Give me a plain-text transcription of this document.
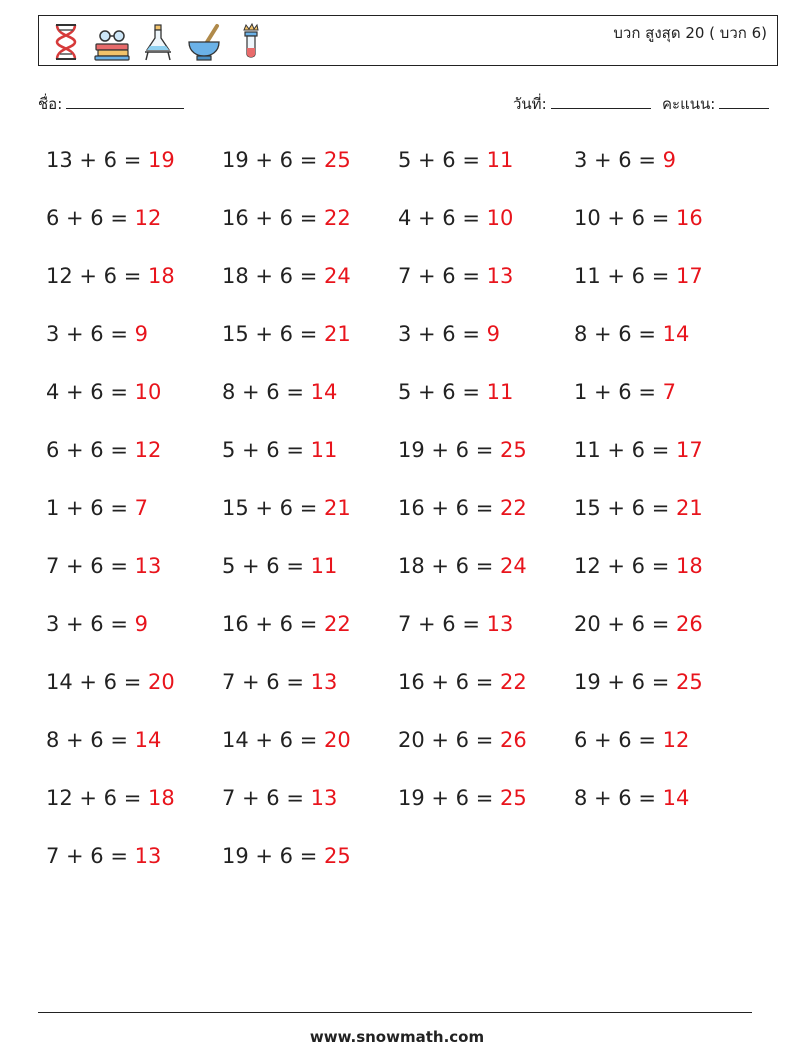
บวก สูงสุด 20 ( บวก 6)
ชื่อ:	วันที่:	คะแนน:
13 + 6 = 19	19 + 6 = 25	5 + 6 = 11	3 + 6 = 9
6 + 6 = 12	16 + 6 = 22	4 + 6 = 10	10 + 6 = 16
12 + 6 = 18	18 + 6 = 24	7 + 6 = 13	11 + 6 = 17
3 + 6 = 9	15 + 6 = 21	3 + 6 = 9	8 + 6 = 14
4 + 6 = 10	8 + 6 = 14	5 + 6 = 11	1 + 6 = 7
6 + 6 = 12	5 + 6 = 11	19 + 6 = 25	11 + 6 = 17
1 + 6 = 7	15 + 6 = 21	16 + 6 = 22	15 + 6 = 21
7 + 6 = 13	5 + 6 = 11	18 + 6 = 24	12 + 6 = 18
3 + 6 = 9	16 + 6 = 22	7 + 6 = 13	20 + 6 = 26
14 + 6 = 20	7 + 6 = 13	16 + 6 = 22	19 + 6 = 25
8 + 6 = 14	14 + 6 = 20	20 + 6 = 26	6 + 6 = 12
12 + 6 = 18	7 + 6 = 13	19 + 6 = 25	8 + 6 = 14
7 + 6 = 13	19 + 6 = 25
www.snowmath.com
